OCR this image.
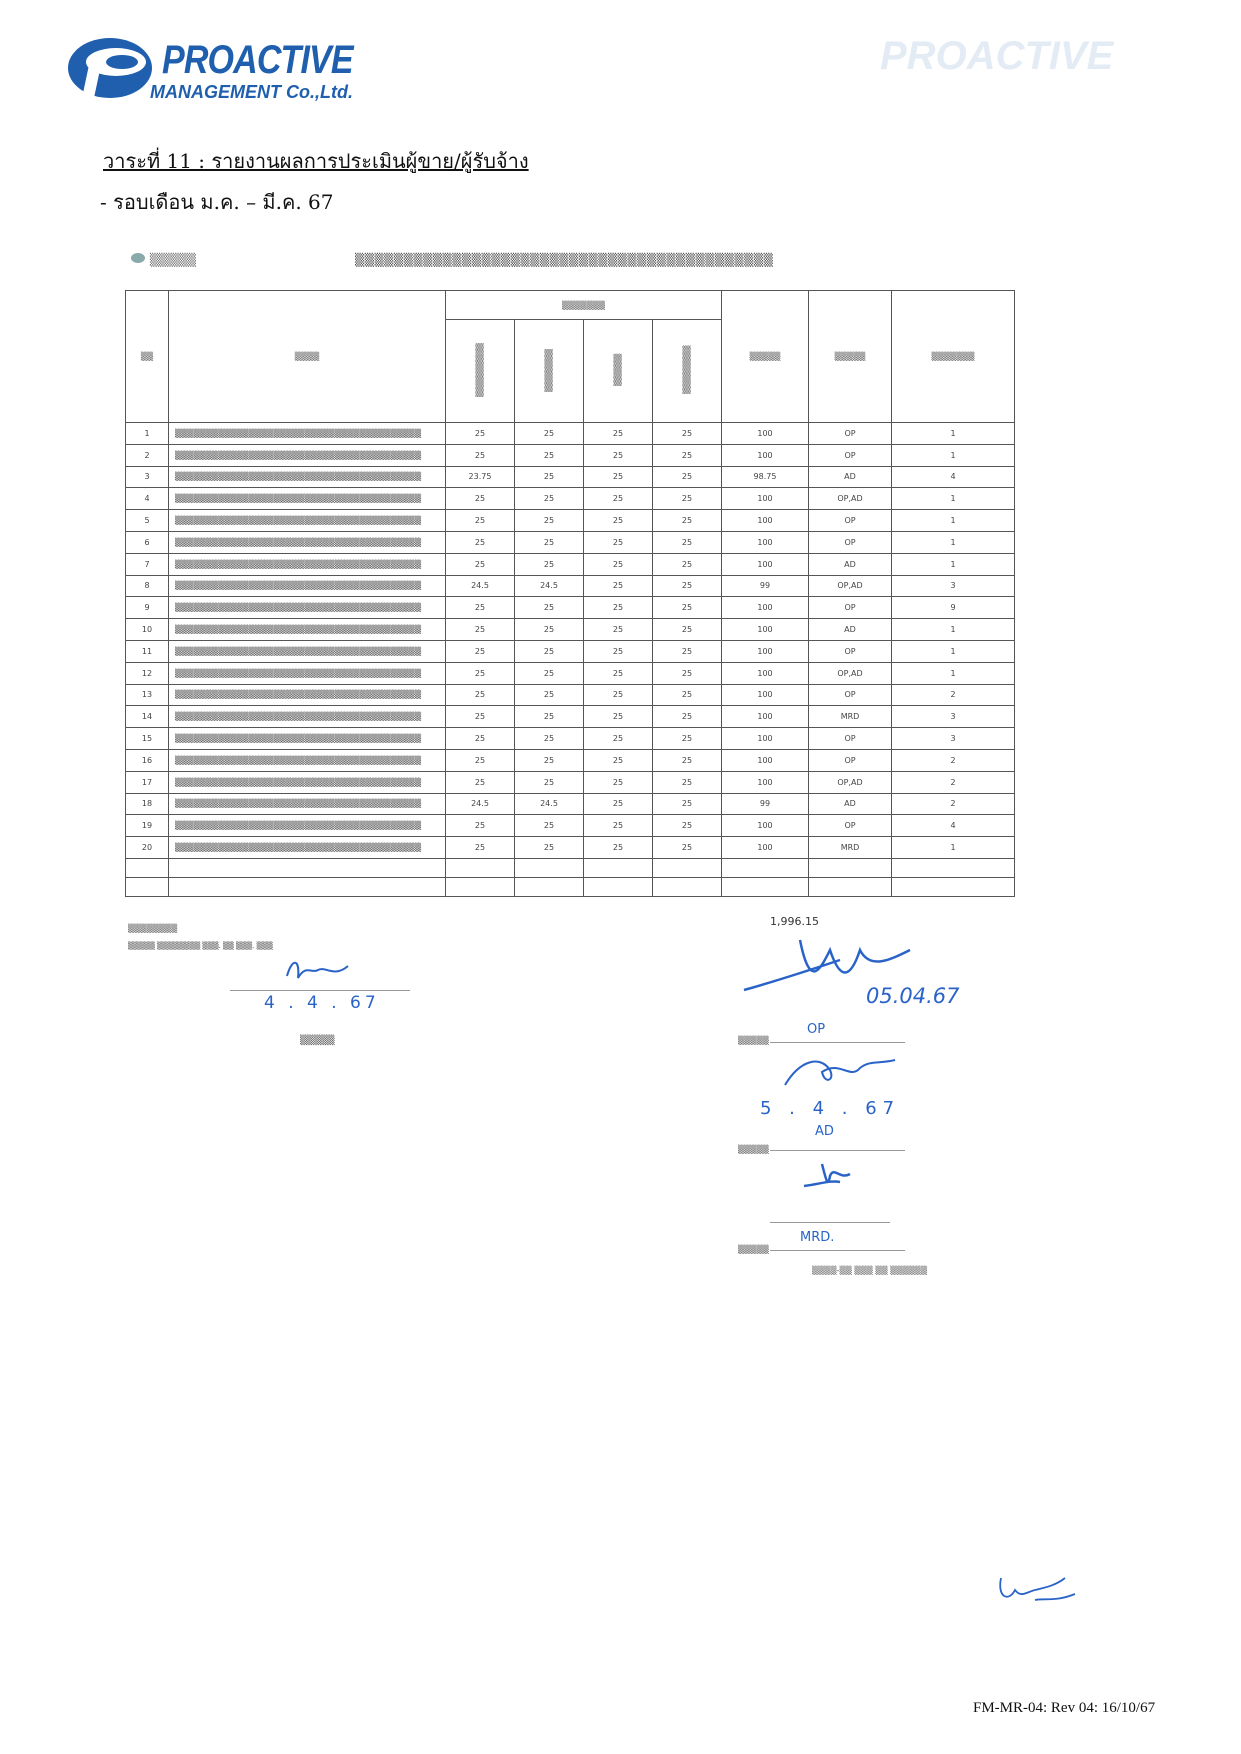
PROACTIVE
MANAGEMENT Co.,Ltd.
PROACTIVE
วาระที่ 11 : รายงานผลการประเมินผู้ขาย/ผู้รับจ้าง
- รอบเดือน ม.ค. – มี.ค. 67
▒▒▒▒▒	▒▒▒▒▒▒▒▒▒▒▒▒▒▒▒▒▒▒▒▒▒▒▒▒▒▒▒▒▒▒▒▒▒▒▒▒▒▒▒▒▒▒▒
▒▒	▒▒▒▒	▒▒▒▒▒▒▒				▒▒▒▒▒	▒▒▒▒▒	▒▒▒▒▒▒▒
		▒▒▒▒▒▒▒▒▒▒	▒▒▒▒▒▒▒▒	▒▒▒▒▒▒	▒▒▒▒▒▒▒▒▒			
1	▒▒▒▒▒▒▒▒▒▒▒▒▒▒▒▒▒▒▒▒▒▒▒▒▒▒▒▒▒▒▒▒▒▒▒▒▒▒▒▒	25	25	25	25	100	OP	1
2	▒▒▒▒▒▒▒▒▒▒▒▒▒▒▒▒▒▒▒▒▒▒▒▒▒▒▒▒▒▒▒▒▒▒▒▒▒▒▒▒	25	25	25	25	100	OP	1
3	▒▒▒▒▒▒▒▒▒▒▒▒▒▒▒▒▒▒▒▒▒▒▒▒▒▒▒▒▒▒▒▒▒▒▒▒▒▒▒▒	23.75	25	25	25	98.75	AD	4
4	▒▒▒▒▒▒▒▒▒▒▒▒▒▒▒▒▒▒▒▒▒▒▒▒▒▒▒▒▒▒▒▒▒▒▒▒▒▒▒▒	25	25	25	25	100	OP,AD	1
5	▒▒▒▒▒▒▒▒▒▒▒▒▒▒▒▒▒▒▒▒▒▒▒▒▒▒▒▒▒▒▒▒▒▒▒▒▒▒▒▒	25	25	25	25	100	OP	1
6	▒▒▒▒▒▒▒▒▒▒▒▒▒▒▒▒▒▒▒▒▒▒▒▒▒▒▒▒▒▒▒▒▒▒▒▒▒▒▒▒	25	25	25	25	100	OP	1
7	▒▒▒▒▒▒▒▒▒▒▒▒▒▒▒▒▒▒▒▒▒▒▒▒▒▒▒▒▒▒▒▒▒▒▒▒▒▒▒▒	25	25	25	25	100	AD	1
8	▒▒▒▒▒▒▒▒▒▒▒▒▒▒▒▒▒▒▒▒▒▒▒▒▒▒▒▒▒▒▒▒▒▒▒▒▒▒▒▒	24.5	24.5	25	25	99	OP,AD	3
9	▒▒▒▒▒▒▒▒▒▒▒▒▒▒▒▒▒▒▒▒▒▒▒▒▒▒▒▒▒▒▒▒▒▒▒▒▒▒▒▒	25	25	25	25	100	OP	9
10	▒▒▒▒▒▒▒▒▒▒▒▒▒▒▒▒▒▒▒▒▒▒▒▒▒▒▒▒▒▒▒▒▒▒▒▒▒▒▒▒	25	25	25	25	100	AD	1
11	▒▒▒▒▒▒▒▒▒▒▒▒▒▒▒▒▒▒▒▒▒▒▒▒▒▒▒▒▒▒▒▒▒▒▒▒▒▒▒▒	25	25	25	25	100	OP	1
12	▒▒▒▒▒▒▒▒▒▒▒▒▒▒▒▒▒▒▒▒▒▒▒▒▒▒▒▒▒▒▒▒▒▒▒▒▒▒▒▒	25	25	25	25	100	OP,AD	1
13	▒▒▒▒▒▒▒▒▒▒▒▒▒▒▒▒▒▒▒▒▒▒▒▒▒▒▒▒▒▒▒▒▒▒▒▒▒▒▒▒	25	25	25	25	100	OP	2
14	▒▒▒▒▒▒▒▒▒▒▒▒▒▒▒▒▒▒▒▒▒▒▒▒▒▒▒▒▒▒▒▒▒▒▒▒▒▒▒▒	25	25	25	25	100	MRD	3
15	▒▒▒▒▒▒▒▒▒▒▒▒▒▒▒▒▒▒▒▒▒▒▒▒▒▒▒▒▒▒▒▒▒▒▒▒▒▒▒▒	25	25	25	25	100	OP	3
16	▒▒▒▒▒▒▒▒▒▒▒▒▒▒▒▒▒▒▒▒▒▒▒▒▒▒▒▒▒▒▒▒▒▒▒▒▒▒▒▒	25	25	25	25	100	OP	2
17	▒▒▒▒▒▒▒▒▒▒▒▒▒▒▒▒▒▒▒▒▒▒▒▒▒▒▒▒▒▒▒▒▒▒▒▒▒▒▒▒	25	25	25	25	100	OP,AD	2
18	▒▒▒▒▒▒▒▒▒▒▒▒▒▒▒▒▒▒▒▒▒▒▒▒▒▒▒▒▒▒▒▒▒▒▒▒▒▒▒▒	24.5	24.5	25	25	99	AD	2
19	▒▒▒▒▒▒▒▒▒▒▒▒▒▒▒▒▒▒▒▒▒▒▒▒▒▒▒▒▒▒▒▒▒▒▒▒▒▒▒▒	25	25	25	25	100	OP	4
20	▒▒▒▒▒▒▒▒▒▒▒▒▒▒▒▒▒▒▒▒▒▒▒▒▒▒▒▒▒▒▒▒▒▒▒▒▒▒▒▒	25	25	25	25	100	MRD	1

▒▒▒▒▒▒▒▒
1,996.15
▒▒▒▒▒ ▒▒▒▒▒▒▒▒ ▒▒▒. ▒▒ ▒▒▒. ▒▒▒
4 . 4 . 67
▒▒▒▒▒
05.04.67
▒▒▒▒▒
OP
5 . 4 . 67
▒▒▒▒▒
AD
▒▒▒▒▒
MRD.
▒▒▒▒-▒▒ ▒▒▒ ▒▒ ▒▒▒▒▒▒
FM-MR-04: Rev 04: 16/10/67
